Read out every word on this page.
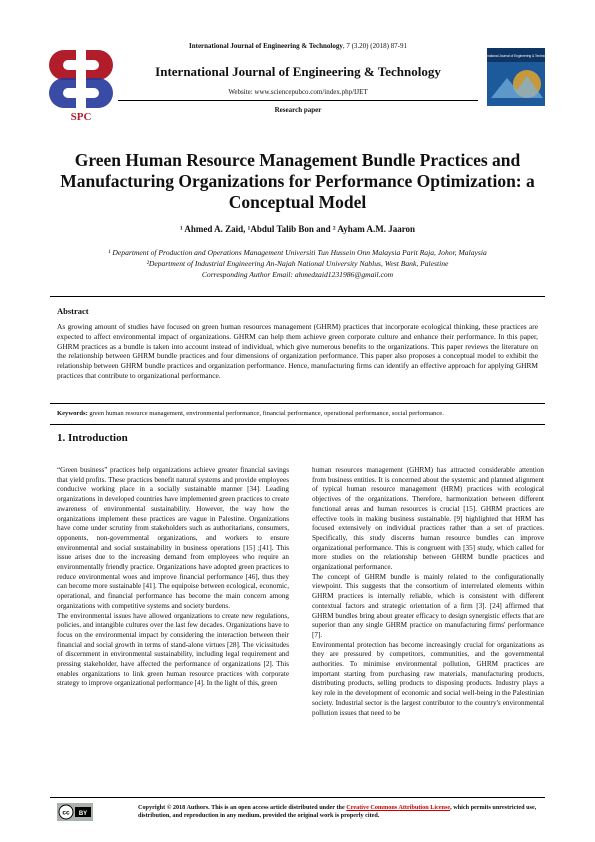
International Journal of Engineering & Technology, 7 (3.20) (2018) 87-91
SPC
International Journal of Engineering & Technology
Website: www.sciencepubco.com/index.php/IJET
Research paper
International Journal of Engineering & Technology
Green Human Resource Management Bundle Practices and Manufacturing Organizations for Performance Optimization: a Conceptual Model
¹ Ahmed A. Zaid, ¹Abdul Talib Bon and ² Ayham A.M. Jaaron
¹ Department of Production and Operations Management Universiti Tun Hussein Onn Malaysia Parit Raja, Johor, Malaysia
²Department of Industrial Engineering An-Najah National University Nablus, West Bank, Palestine
Corresponding Author Email: ahmedzaid1231986@gmail.com
Abstract
As growing amount of studies have focused on green human resources management (GHRM) practices that incorporate ecological thinking, these practices are expected to affect environmental impact of organizations. GHRM can help them achieve green corporate culture and enhance their performance. In this paper, GHRM practices as a bundle is taken into account instead of individual, which give numerous benefits to the organizations. This paper reviews the literature on the relationship between GHRM bundle practices and four dimensions of organization performance. This paper also proposes a conceptual model to exhibit the relationship between GHRM bundle practices and organization performance. Hence, manufacturing firms can identify an effective approach for applying GHRM practices that contribute to organizational performance.
Keywords: green human resource management, environmental performance, financial performance, operational performance, social performance.
1. Introduction

“Green business” practices help organizations achieve greater financial savings that yield profits. These practices benefit natural systems and provide employees conducive working place in a socially sustainable manner [34]. Leading organizations in developed countries have implemented green practices to create awareness of environmental sustainability. However, the way how the organizations implement these practices are vague in Palestine. Organizations have come under scrutiny from stakeholders such as authoritarians, consumers, opponents, non-governmental organizations, and workers to ensure environmental and social sustainability in business operations [15] ;[41]. This issue arises due to the increasing demand from employees who require an environmentally friendly practice. Organizations have adopted green practices to reduce environmental woes and improve financial performance [46], thus they can become more sustainable [41]. The equipoise between ecological, economic, operational, and financial performance has become the main concern among organizations with competitive systems and society burdens.

The environmental issues have allowed organizations to create new regulations, policies, and intangible cultures over the last few decades. Organizations have to focus on the environmental impact by considering the interaction between their financial and social growth in terms of stand-alone virtues [28]. The vicissitudes of discernment in environmental sustainability, including legal requirement and pressing stakeholder, have affected the performance of organizations [2]. This enables organizations to link green human resource practices with corporate strategy to improve organizational performance [4]. In the light of this, green

human resources management (GHRM) has attracted considerable attention from business entities. It is concerned about the systemic and planned alignment of typical human resource management (HRM) practices with ecological objectives of the organizations. Therefore, harmonization between different functional areas and human resources is crucial [15]. GHRM practices are effective tools in making business sustainable. [9] highlighted that HRM has focused extensively on individual practices rather than a set of practices. Specifically, this study discerns human resource bundles can improve organizational performance. This is congruent with [35] study, which called for more studies on the relationship between GHRM bundle practices and organizational performance.

The concept of GHRM bundle is mainly related to the configurationally viewpoint. This suggests that the consortium of interrelated elements within GHRM practices is internally reliable, which is consistent with different contextual factors and strategic orientation of a firm [3]. [24] affirmed that GHRM bundles bring about greater efficacy to design synergistic effects that are superior than any single GHRM practice on manufacturing firms' performance [7].

Environmental protection has become increasingly crucial for organizations as they are pressured by competitors, communities, and the governmental authorities. To minimise environmental pollution, GHRM practices are important starting from purchasing raw materials, manufacturing products, distributing products, selling products to disposing products. Industry plays a key role in the development of economic and social well-being in the Palestinian society. Industrial sector is the largest contributor to the country's environmental pollution issues that need to be

cc BY
Copyright © 2018 Authors. This is an open access article distributed under the Creative Commons Attribution License, which permits unrestricted use, distribution, and reproduction in any medium, provided the original work is properly cited.
